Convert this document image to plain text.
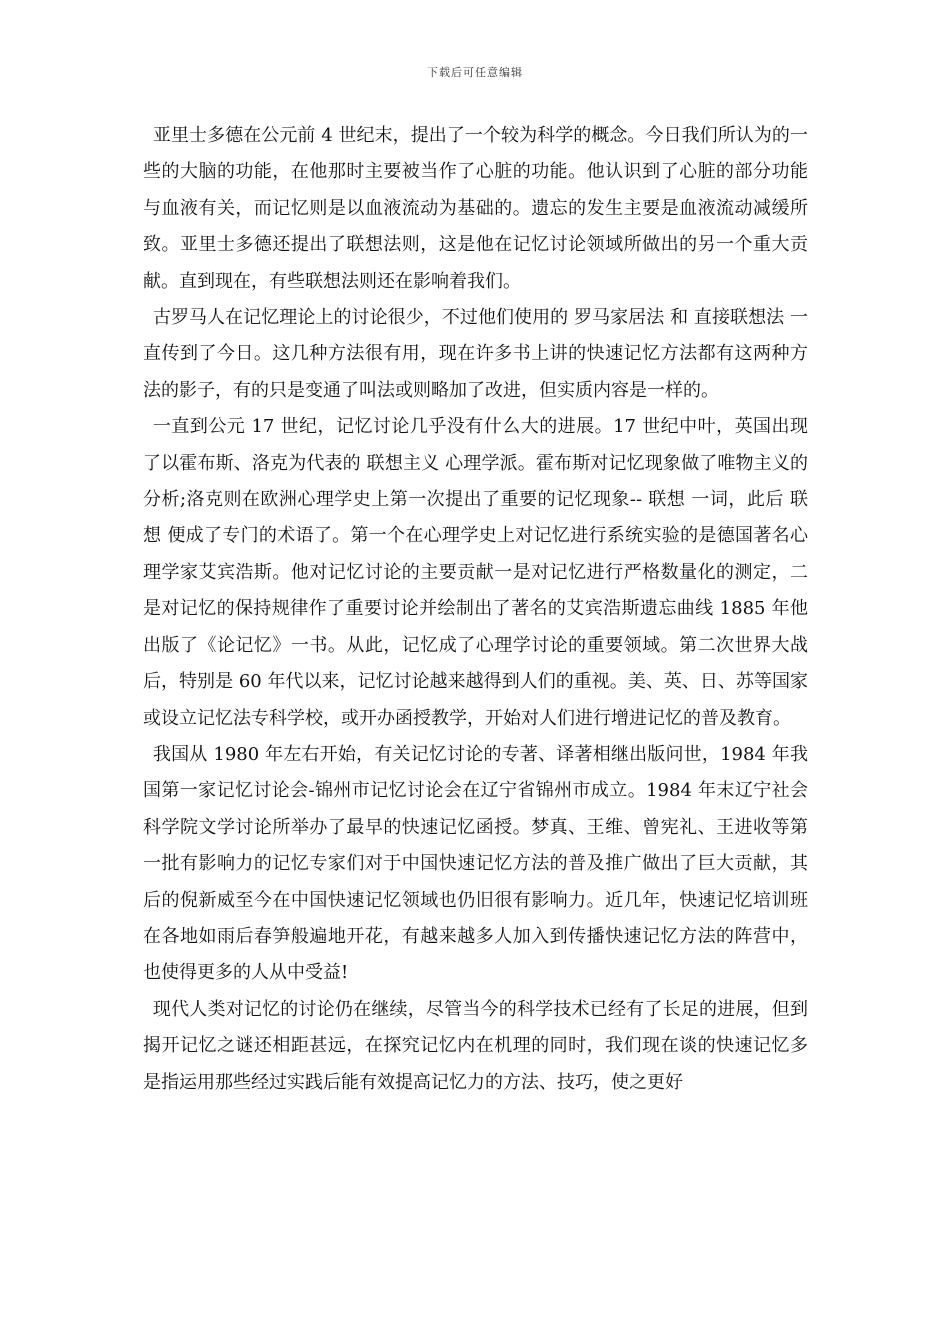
下载后可任意编辑

亚里士多德在公元前 4 世纪末，提出了一个较为科学的概念。今日我们所认为的一些的大脑的功能，在他那时主要被当作了心脏的功能。他认识到了心脏的部分功能与血液有关，而记忆则是以血液流动为基础的。遗忘的发生主要是血液流动减缓所致。亚里士多德还提出了联想法则，这是他在记忆讨论领域所做出的另一个重大贡献。直到现在，有些联想法则还在影响着我们。

古罗马人在记忆理论上的讨论很少，不过他们使用的 罗马家居法 和 直接联想法 一直传到了今日。这几种方法很有用，现在许多书上讲的快速记忆方法都有这两种方法的影子，有的只是变通了叫法或则略加了改进，但实质内容是一样的。

一直到公元 17 世纪，记忆讨论几乎没有什么大的进展。17 世纪中叶，英国出现了以霍布斯、洛克为代表的 联想主义 心理学派。霍布斯对记忆现象做了唯物主义的分析;洛克则在欧洲心理学史上第一次提出了重要的记忆现象-- 联想 一词，此后 联想 便成了专门的术语了。第一个在心理学史上对记忆进行系统实验的是德国著名心理学家艾宾浩斯。他对记忆讨论的主要贡献一是对记忆进行严格数量化的测定，二是对记忆的保持规律作了重要讨论并绘制出了著名的艾宾浩斯遗忘曲线 1885 年他出版了《论记忆》一书。从此，记忆成了心理学讨论的重要领域。第二次世界大战后，特别是 60 年代以来，记忆讨论越来越得到人们的重视。美、英、日、苏等国家或设立记忆法专科学校，或开办函授教学，开始对人们进行增进记忆的普及教育。

我国从 1980 年左右开始，有关记忆讨论的专著、译著相继出版问世，1984 年我国第一家记忆讨论会-锦州市记忆讨论会在辽宁省锦州市成立。1984 年末辽宁社会科学院文学讨论所举办了最早的快速记忆函授。梦真、王维、曾宪礼、王进收等第一批有影响力的记忆专家们对于中国快速记忆方法的普及推广做出了巨大贡献，其后的倪新威至今在中国快速记忆领域也仍旧很有影响力。近几年，快速记忆培训班在各地如雨后春笋般遍地开花，有越来越多人加入到传播快速记忆方法的阵营中，也使得更多的人从中受益!

现代人类对记忆的讨论仍在继续，尽管当今的科学技术已经有了长足的进展，但到揭开记忆之谜还相距甚远，在探究记忆内在机理的同时，我们现在谈的快速记忆多是指运用那些经过实践后能有效提高记忆力的方法、技巧，使之更好
